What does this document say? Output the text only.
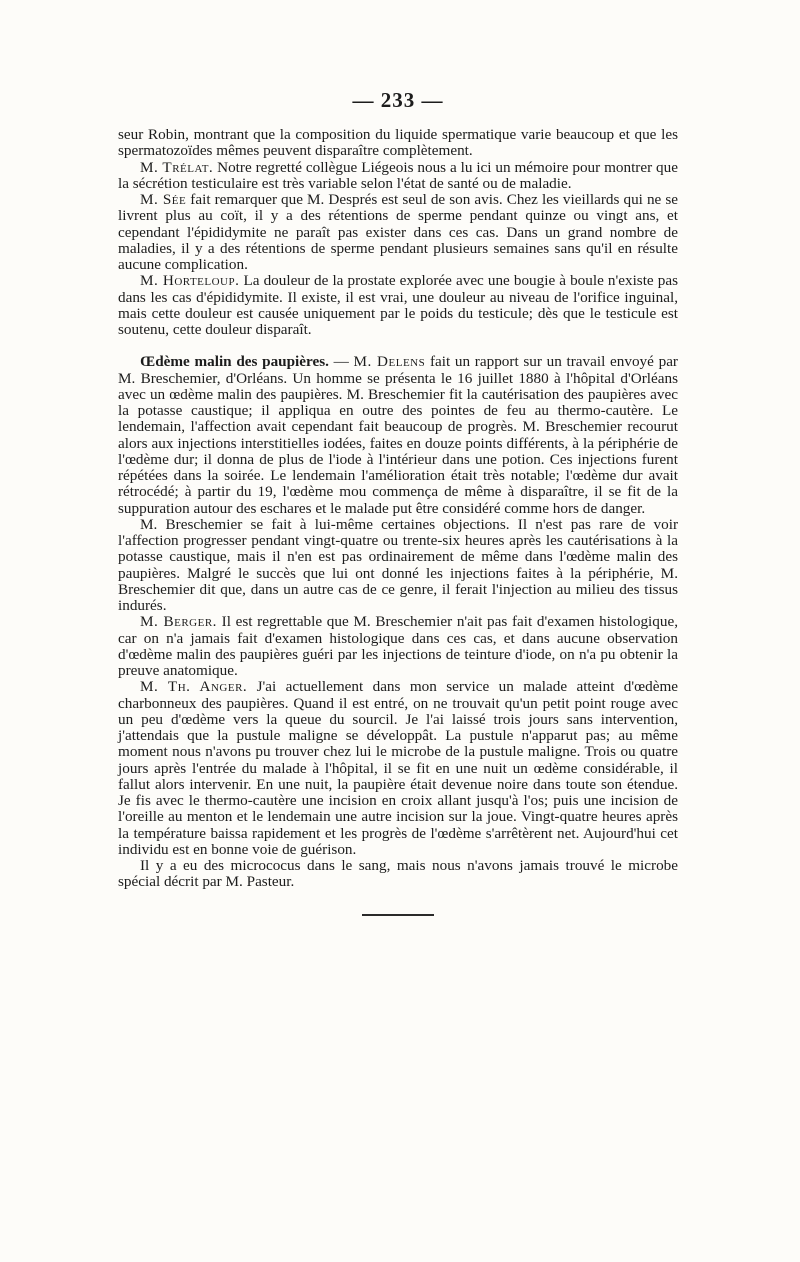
— 233 —

seur Robin, montrant que la composition du liquide spermatique varie beaucoup et que les spermatozoïdes mêmes peuvent disparaître complètement.

M. Trélat. Notre regretté collègue Liégeois nous a lu ici un mémoire pour montrer que la sécrétion testiculaire est très variable selon l'état de santé ou de maladie.

M. Sée fait remarquer que M. Després est seul de son avis. Chez les vieillards qui ne se livrent plus au coït, il y a des rétentions de sperme pendant quinze ou vingt ans, et cependant l'épididymite ne paraît pas exister dans ces cas. Dans un grand nombre de maladies, il y a des rétentions de sperme pendant plusieurs semaines sans qu'il en résulte aucune complication.

M. Horteloup. La douleur de la prostate explorée avec une bougie à boule n'existe pas dans les cas d'épididymite. Il existe, il est vrai, une douleur au niveau de l'orifice inguinal, mais cette douleur est causée uniquement par le poids du testicule; dès que le testicule est soutenu, cette douleur disparaît.

Œdème malin des paupières. — M. Delens fait un rapport sur un travail envoyé par M. Breschemier, d'Orléans. Un homme se présenta le 16 juillet 1880 à l'hôpital d'Orléans avec un œdème malin des paupières. M. Breschemier fit la cautérisation des paupières avec la potasse caustique; il appliqua en outre des pointes de feu au thermo-cautère. Le lendemain, l'affection avait cependant fait beaucoup de progrès. M. Breschemier recourut alors aux injections interstitielles iodées, faites en douze points différents, à la périphérie de l'œdème dur; il donna de plus de l'iode à l'intérieur dans une potion. Ces injections furent répétées dans la soirée. Le lendemain l'amélioration était très notable; l'œdème dur avait rétrocédé; à partir du 19, l'œdème mou commença de même à disparaître, il se fit de la suppuration autour des eschares et le malade put être considéré comme hors de danger.

M. Breschemier se fait à lui-même certaines objections. Il n'est pas rare de voir l'affection progresser pendant vingt-quatre ou trente-six heures après les cautérisations à la potasse caustique, mais il n'en est pas ordinairement de même dans l'œdème malin des paupières. Malgré le succès que lui ont donné les injections faites à la périphérie, M. Breschemier dit que, dans un autre cas de ce genre, il ferait l'injection au milieu des tissus indurés.

M. Berger. Il est regrettable que M. Breschemier n'ait pas fait d'examen histologique, car on n'a jamais fait d'examen histologique dans ces cas, et dans aucune observation d'œdème malin des paupières guéri par les injections de teinture d'iode, on n'a pu obtenir la preuve anatomique.

M. Th. Anger. J'ai actuellement dans mon service un malade atteint d'œdème charbonneux des paupières. Quand il est entré, on ne trouvait qu'un petit point rouge avec un peu d'œdème vers la queue du sourcil. Je l'ai laissé trois jours sans intervention, j'attendais que la pustule maligne se développât. La pustule n'apparut pas; au même moment nous n'avons pu trouver chez lui le microbe de la pustule maligne. Trois ou quatre jours après l'entrée du malade à l'hôpital, il se fit en une nuit un œdème considérable, il fallut alors intervenir. En une nuit, la paupière était devenue noire dans toute son étendue. Je fis avec le thermo-cautère une incision en croix allant jusqu'à l'os; puis une incision de l'oreille au menton et le lendemain une autre incision sur la joue. Vingt-quatre heures après la température baissa rapidement et les progrès de l'œdème s'arrêtèrent net. Aujourd'hui cet individu est en bonne voie de guérison.

Il y a eu des micrococus dans le sang, mais nous n'avons jamais trouvé le microbe spécial décrit par M. Pasteur.
